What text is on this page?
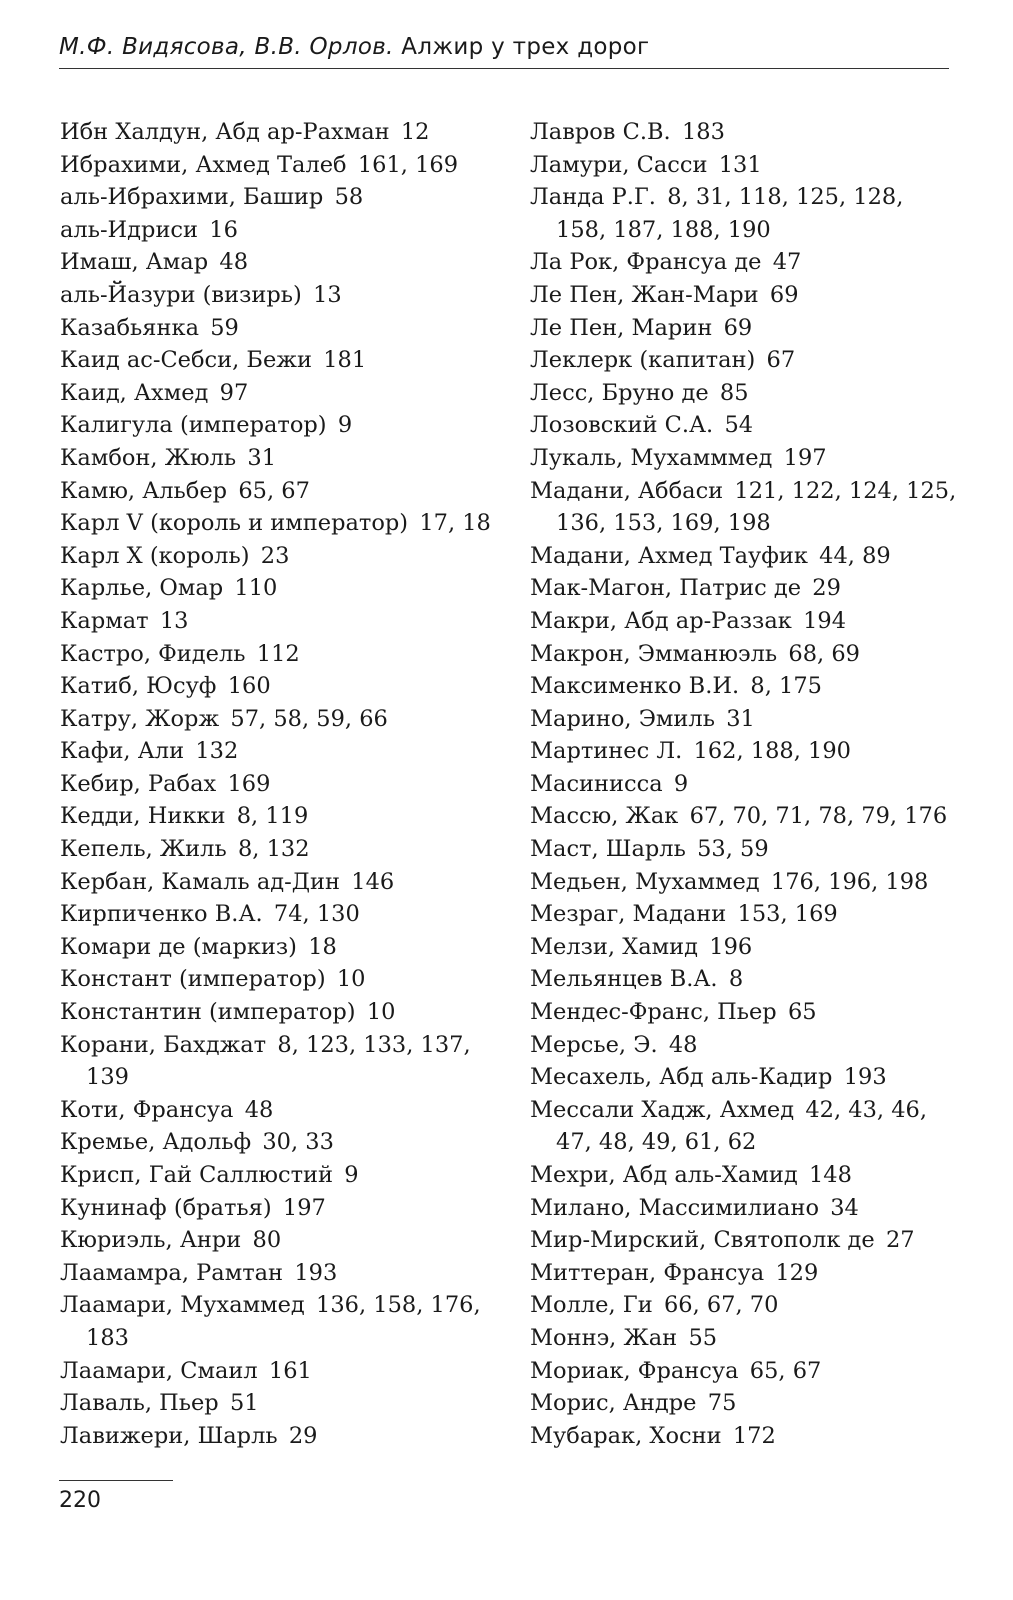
М.Ф. Видясова, В.В. Орлов. Алжир у трех дорог
Ибн Халдун, Абд ар-Рахман  12
Ибрахими, Ахмед Талеб  161, 169
аль-Ибрахими, Башир  58
аль-Идриси  16
Имаш, Амар  48
аль-Йазури (визирь)  13
Казабьянка  59
Каид ас-Себси, Бежи  181
Каид, Ахмед  97
Калигула (император)  9
Камбон, Жюль  31
Камю, Альбер  65, 67
Карл V (король и император)  17, 18
Карл X (король)  23
Карлье, Омар  110
Кармат  13
Кастро, Фидель  112
Катиб, Юсуф  160
Катру, Жорж  57, 58, 59, 66
Кафи, Али  132
Кебир, Рабах  169
Кедди, Никки  8, 119
Кепель, Жиль  8, 132
Кербан, Камаль ад-Дин  146
Кирпиченко В.А.  74, 130
Комари де (маркиз)  18
Констант (император)  10
Константин (император)  10
Корани, Бахджат  8, 123, 133, 137, 139
Коти, Франсуа  48
Кремье, Адольф  30, 33
Крисп, Гай Саллюстий  9
Кунинаф (братья)  197
Кюриэль, Анри  80
Лаамамра, Рамтан  193
Лаамари, Мухаммед  136, 158, 176, 183
Лаамари, Смаил  161
Лаваль, Пьер  51
Лавижери, Шарль  29
Лавров С.В.  183
Ламури, Сасси  131
Ланда Р.Г.  8, 31, 118, 125, 128, 158, 187, 188, 190
Ла Рок, Франсуа де  47
Ле Пен, Жан-Мари  69
Ле Пен, Марин  69
Леклерк (капитан)  67
Лесс, Бруно де  85
Лозовский С.А.  54
Лукаль, Мухамммед  197
Мадани, Аббаси  121, 122, 124, 125, 136, 153, 169, 198
Мадани, Ахмед Тауфик  44, 89
Мак-Магон, Патрис де  29
Макри, Абд ар-Раззак  194
Макрон, Эмманюэль  68, 69
Максименко В.И.  8, 175
Марино, Эмиль  31
Мартинес Л.  162, 188, 190
Масинисса  9
Массю, Жак  67, 70, 71, 78, 79, 176
Маст, Шарль  53, 59
Медьен, Мухаммед  176, 196, 198
Мезраг, Мадани  153, 169
Мелзи, Хамид  196
Мельянцев В.А.  8
Мендес-Франс, Пьер  65
Мерсье, Э.  48
Месахель, Абд аль-Кадир  193
Мессали Хадж, Ахмед  42, 43, 46, 47, 48, 49, 61, 62
Мехри, Абд аль-Хамид  148
Милано, Массимилиано  34
Мир-Мирский, Святополк де  27
Миттеран, Франсуа  129
Молле, Ги  66, 67, 70
Моннэ, Жан  55
Мориак, Франсуа  65, 67
Морис, Андре  75
Мубарак, Хосни  172
220
